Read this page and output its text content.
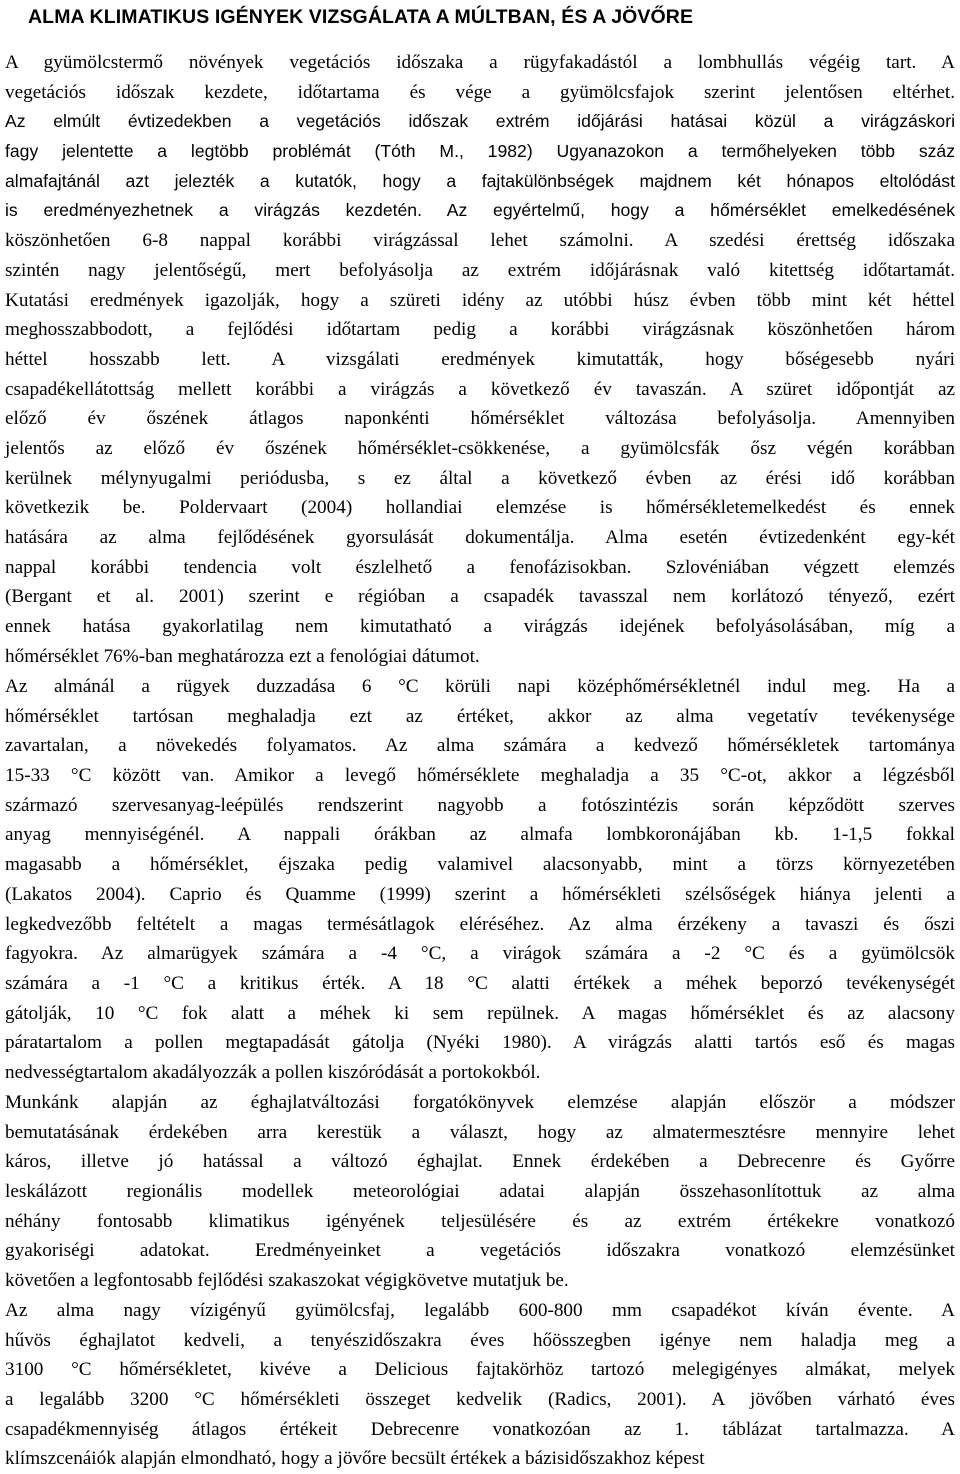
ALMA KLIMATIKUS IGÉNYEK VIZSGÁLATA A MÚLTBAN, ÉS A JÖVŐRE
A gyümölcstermő növények vegetációs időszaka a rügyfakadástól a lombhullás végéig tart. A
vegetációs időszak kezdete, időtartama és vége a gyümölcsfajok szerint jelentősen eltérhet.
Az elmúlt évtizedekben a vegetációs időszak extrém időjárási hatásai közül a virágzáskori
fagy jelentette a legtöbb problémát (Tóth M., 1982) Ugyanazokon a termőhelyeken több száz
almafajtánál azt jelezték a kutatók, hogy a fajtakülönbségek majdnem két hónapos eltolódást
is eredményezhetnek a virágzás kezdetén. Az egyértelmű, hogy a hőmérséklet emelkedésének
köszönhetően 6-8 nappal korábbi virágzással lehet számolni. A szedési érettség időszaka
szintén nagy jelentőségű, mert befolyásolja az extrém időjárásnak való kitettség időtartamát.
Kutatási eredmények igazolják, hogy a szüreti idény az utóbbi húsz évben több mint két héttel
meghosszabbodott, a fejlődési időtartam pedig a korábbi virágzásnak köszönhetően három
héttel hosszabb lett. A vizsgálati eredmények kimutatták, hogy bőségesebb nyári
csapadékellátottság mellett korábbi a virágzás a következő év tavaszán. A szüret időpontját az
előző év őszének átlagos naponkénti hőmérséklet változása befolyásolja. Amennyiben
jelentős az előző év őszének hőmérséklet-csökkenése, a gyümölcsfák ősz végén korábban
kerülnek mélynyugalmi periódusba, s ez által a következő évben az érési idő korábban
következik be. Poldervaart (2004) hollandiai elemzése is hőmérsékletemelkedést és ennek
hatására az alma fejlődésének gyorsulását dokumentálja. Alma esetén évtizedenként egy-két
nappal korábbi tendencia volt észlelhető a fenofázisokban. Szlovéniában végzett elemzés
(Bergant et al. 2001) szerint e régióban a csapadék tavasszal nem korlátozó tényező, ezért
ennek hatása gyakorlatilag nem kimutatható a virágzás idejének befolyásolásában, míg a
hőmérséklet 76%-ban meghatározza ezt a fenológiai dátumot.
Az almánál a rügyek duzzadása 6 °C körüli napi középhőmérsékletnél indul meg. Ha a
hőmérséklet tartósan meghaladja ezt az értéket, akkor az alma vegetatív tevékenysége
zavartalan, a növekedés folyamatos. Az alma számára a kedvező hőmérsékletek tartománya
15-33 °C között van. Amikor a levegő hőmérséklete meghaladja a 35 °C-ot, akkor a légzésből
származó szervesanyag-leépülés rendszerint nagyobb a fotószintézis során képződött szerves
anyag mennyiségénél. A nappali órákban az almafa lombkoronájában kb. 1-1,5 fokkal
magasabb a hőmérséklet, éjszaka pedig valamivel alacsonyabb, mint a törzs környezetében
(Lakatos 2004). Caprio és Quamme (1999) szerint a hőmérsékleti szélsőségek hiánya jelenti a
legkedvezőbb feltételt a magas termésátlagok eléréséhez. Az alma érzékeny a tavaszi és őszi
fagyokra. Az almarügyek számára a -4 °C, a virágok számára a -2 °C és a gyümölcsök
számára a -1 °C a kritikus érték. A 18 °C alatti értékek a méhek beporzó tevékenységét
gátolják, 10 °C fok alatt a méhek ki sem repülnek. A magas hőmérséklet és az alacsony
páratartalom a pollen megtapadását gátolja (Nyéki 1980). A virágzás alatti tartós eső és magas
nedvességtartalom akadályozzák a pollen kiszóródását a portokokból.
Munkánk alapján az éghajlatváltozási forgatókönyvek elemzése alapján először a módszer
bemutatásának érdekében arra kerestük a választ, hogy az almatermesztésre mennyire lehet
káros, illetve jó hatással a változó éghajlat. Ennek érdekében a Debrecenre és Győrre
leskálázott regionális modellek meteorológiai adatai alapján összehasonlítottuk az alma
néhány fontosabb klimatikus igényének teljesülésére és az extrém értékekre vonatkozó
gyakoriségi adatokat. Eredményeinket a vegetációs időszakra vonatkozó elemzésünket
követően a legfontosabb fejlődési szakaszokat végigkövetve mutatjuk be.
Az alma nagy vízigényű gyümölcsfaj, legalább 600-800 mm csapadékot kíván évente. A
hűvös éghajlatot kedveli, a tenyészidőszakra éves hőösszegben igénye nem haladja meg a
3100 °C hőmérsékletet, kivéve a Delicious fajtakörhöz tartozó melegigényes almákat, melyek
a legalább 3200 °C hőmérsékleti összeget kedvelik (Radics, 2001). A jövőben várható éves
csapadékmennyiség átlagos értékeit Debrecenre vonatkozóan az 1. táblázat tartalmazza. A
klímszcenáiók alapján elmondható, hogy a jövőre becsült értékek a bázisidőszakhoz képest
